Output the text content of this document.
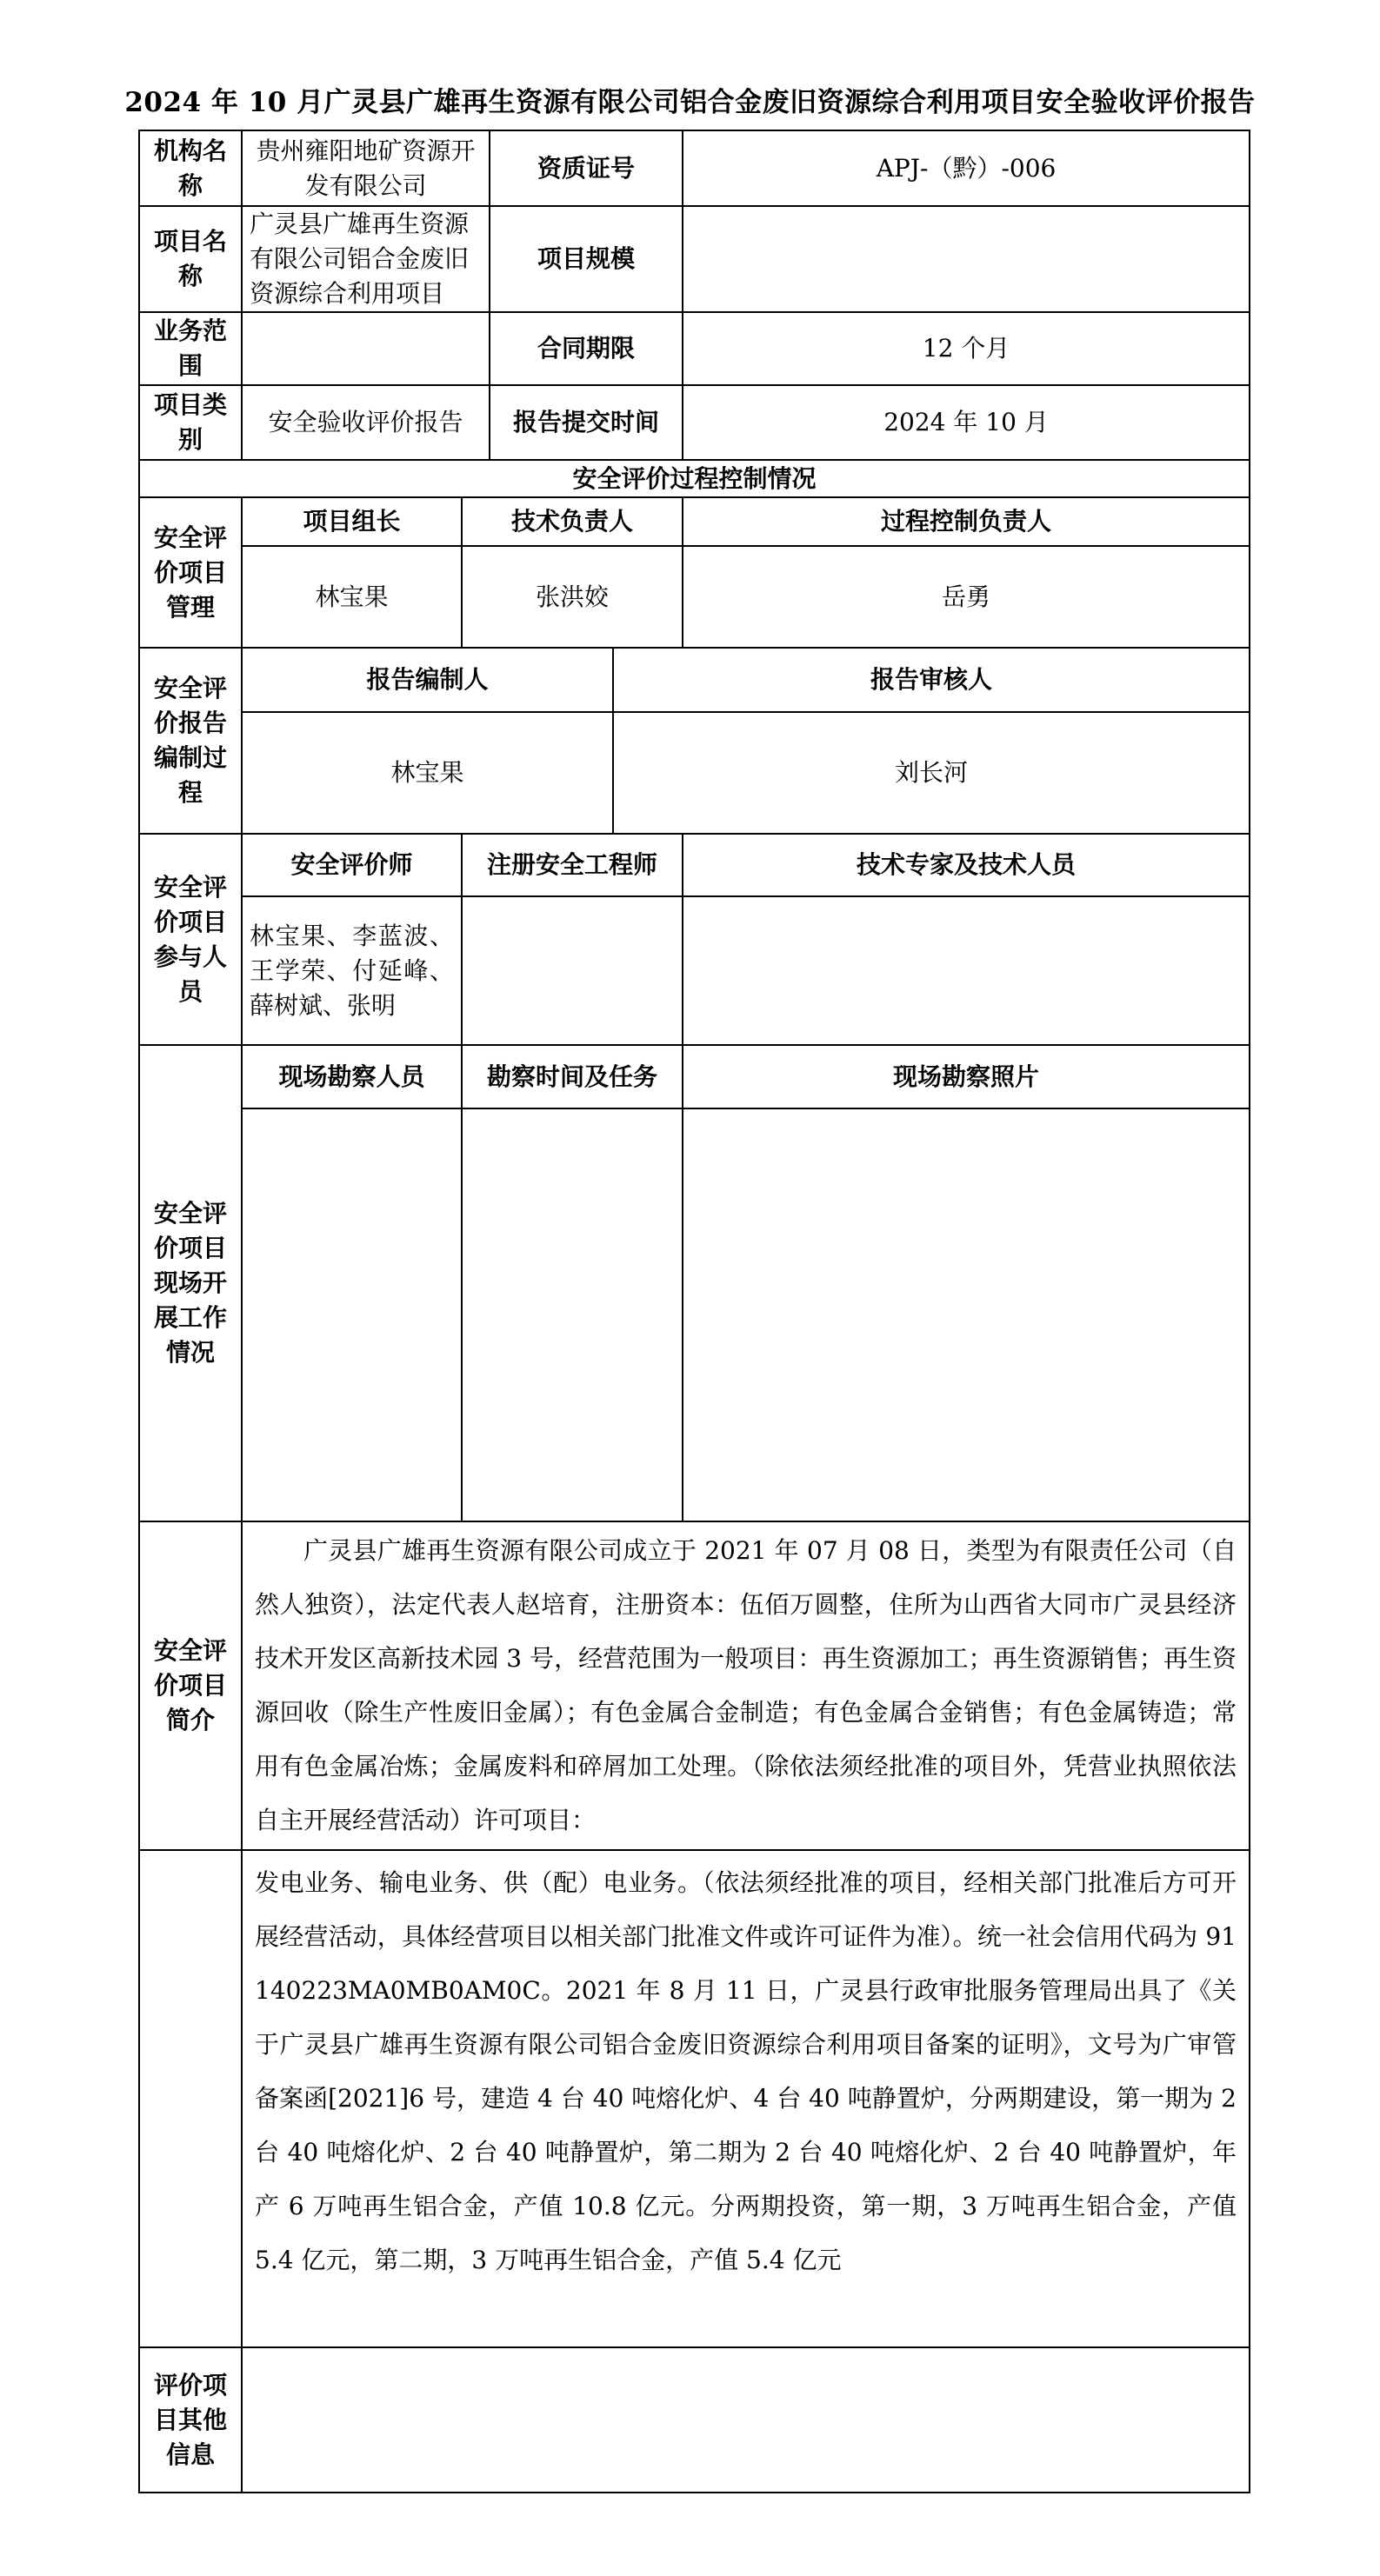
2024 年 10 月广灵县广雄再生资源有限公司铝合金废旧资源综合利用项目安全验收评价报告
机构名称	贵州雍阳地矿资源开发有限公司		资质证号		APJ-（黔）-006
项目名称	广灵县广雄再生资源有限公司铝合金废旧资源综合利用项目		项目规模		
业务范围			合同期限		12 个月
项目类别	安全验收评价报告		报告提交时间		2024 年 10 月
安全评价过程控制情况					
安全评价项目管理	项目组长	技术负责人			过程控制负责人
	林宝果	张洪姣			岳勇
安全评价报告编制过程	报告编制人			报告审核人	
	林宝果			刘长河	
安全评价项目参与人员	安全评价师	注册安全工程师			技术专家及技术人员
	林宝果、李蓝波、王学荣、付延峰、薛树斌、张明				
安全评价项目现场开展工作情况	现场勘察人员	勘察时间及任务			现场勘察照片

安全评价项目简介	广灵县广雄再生资源有限公司成立于 2021 年 07 月 08 日，类型为有限责任公司（自然人独资），法定代表人赵培育，注册资本：伍佰万圆整，住所为山西省大同市广灵县经济技术开发区高新技术园 3 号，经营范围为一般项目：再生资源加工；再生资源销售；再生资源回收（除生产性废旧金属）；有色金属合金制造；有色金属合金销售；有色金属铸造；常用有色金属冶炼；金属废料和碎屑加工处理。（除依法须经批准的项目外，凭营业执照依法自主开展经营活动）许可项目：				
	发电业务、输电业务、供（配）电业务。（依法须经批准的项目，经相关部门批准后方可开展经营活动，具体经营项目以相关部门批准文件或许可证件为准）。统一社会信用代码为 91140223MA0MB0AM0C。2021 年 8 月 11 日，广灵县行政审批服务管理局出具了《关于广灵县广雄再生资源有限公司铝合金废旧资源综合利用项目备案的证明》，文号为广审管备案函[2021]6 号，建造 4 台 40 吨熔化炉、4 台 40 吨静置炉，分两期建设，第一期为 2 台 40 吨熔化炉、2 台 40 吨静置炉，第二期为 2 台 40 吨熔化炉、2 台 40 吨静置炉，年产 6 万吨再生铝合金，产值 10.8 亿元。分两期投资，第一期，3 万吨再生铝合金，产值 5.4 亿元，第二期，3 万吨再生铝合金，产值 5.4 亿元
评价项目其他信息	
